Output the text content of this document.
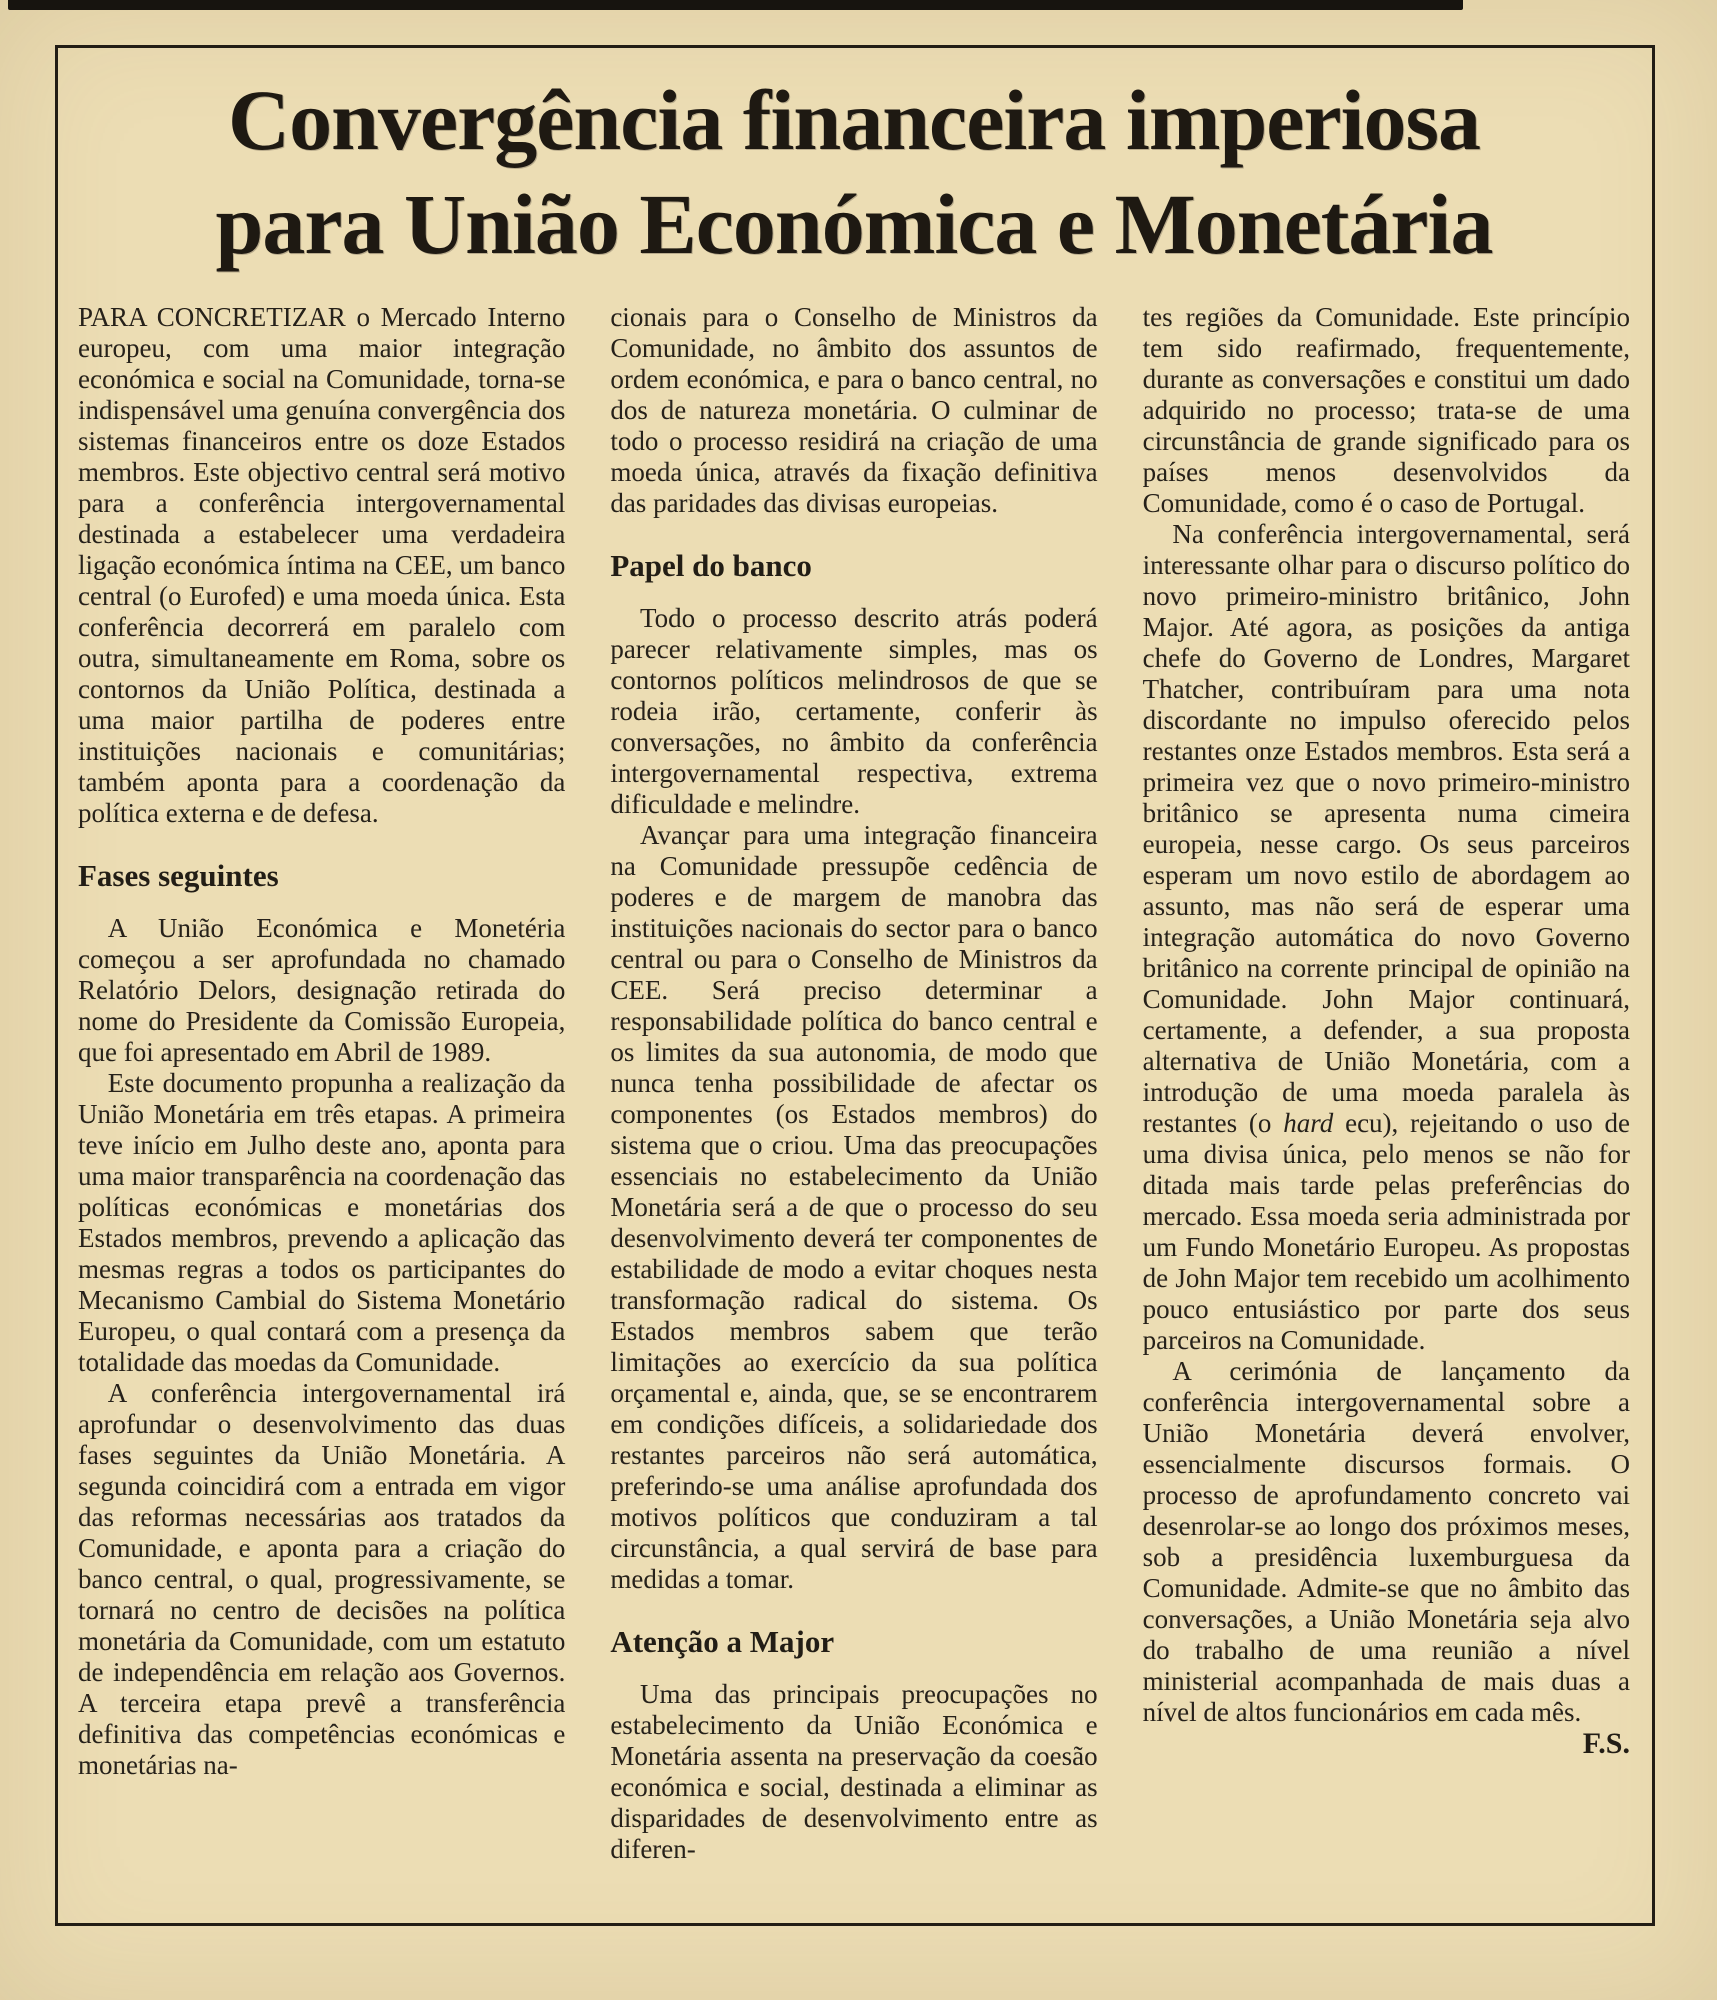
Convergência financeira imperiosa
para União Económica e Monetária

PARA CONCRETIZAR o Mercado Interno europeu, com uma maior integração económica e social na Comunidade, torna-se indispensável uma genuína convergência dos sistemas financeiros entre os doze Estados membros. Este objectivo central será motivo para a conferência intergovernamental destinada a estabelecer uma verdadeira ligação económica íntima na CEE, um banco central (o Eurofed) e uma moeda única. Esta conferência decorrerá em paralelo com outra, simultaneamente em Roma, sobre os contornos da União Política, destinada a uma maior partilha de poderes entre instituições nacionais e comunitárias; também aponta para a coordenação da política externa e de defesa.

Fases seguintes

A União Económica e Monetéria começou a ser aprofundada no chamado Relatório Delors, designação retirada do nome do Presidente da Comissão Europeia, que foi apresentado em Abril de 1989.

Este documento propunha a realização da União Monetária em três etapas. A primeira teve início em Julho deste ano, aponta para uma maior transparência na coordenação das políticas económicas e monetárias dos Estados membros, prevendo a aplicação das mesmas regras a todos os participantes do Mecanismo Cambial do Sistema Monetário Europeu, o qual contará com a presença da totalidade das moedas da Comunidade.

A conferência intergovernamental irá aprofundar o desenvolvimento das duas fases seguintes da União Monetária. A segunda coincidirá com a entrada em vigor das reformas necessárias aos tratados da Comunidade, e aponta para a criação do banco central, o qual, progressivamente, se tornará no centro de decisões na política monetária da Comunidade, com um estatuto de independência em relação aos Governos. A terceira etapa prevê a transferência definitiva das competências económicas e monetárias na-

cionais para o Conselho de Ministros da Comunidade, no âmbito dos assuntos de ordem económica, e para o banco central, no dos de natureza monetária. O culminar de todo o processo residirá na criação de uma moeda única, através da fixação definitiva das paridades das divisas europeias.

Papel do banco

Todo o processo descrito atrás poderá parecer relativamente simples, mas os contornos políticos melindrosos de que se rodeia irão, certamente, conferir às conversações, no âmbito da conferência intergovernamental respectiva, extrema dificuldade e melindre.

Avançar para uma integração financeira na Comunidade pressupõe cedência de poderes e de margem de manobra das instituições nacionais do sector para o banco central ou para o Conselho de Ministros da CEE. Será preciso determinar a responsabilidade política do banco central e os limites da sua autonomia, de modo que nunca tenha possibilidade de afectar os componentes (os Estados membros) do sistema que o criou. Uma das preocupações essenciais no estabelecimento da União Monetária será a de que o processo do seu desenvolvimento deverá ter componentes de estabilidade de modo a evitar choques nesta transformação radical do sistema. Os Estados membros sabem que terão limitações ao exercício da sua política orçamental e, ainda, que, se se encontrarem em condições difíceis, a solidariedade dos restantes parceiros não será automática, preferindo-se uma análise aprofundada dos motivos políticos que conduziram a tal circunstância, a qual servirá de base para medidas a tomar.

Atenção a Major

Uma das principais preocupações no estabelecimento da União Económica e Monetária assenta na preservação da coesão económica e social, destinada a eliminar as disparidades de desenvolvimento entre as diferen-

tes regiões da Comunidade. Este princípio tem sido reafirmado, frequentemente, durante as conversações e constitui um dado adquirido no processo; trata-se de uma circunstância de grande significado para os países menos desenvolvidos da Comunidade, como é o caso de Portugal.

Na conferência intergovernamental, será interessante olhar para o discurso político do novo primeiro-ministro britânico, John Major. Até agora, as posições da antiga chefe do Governo de Londres, Margaret Thatcher, contribuíram para uma nota discordante no impulso oferecido pelos restantes onze Estados membros. Esta será a primeira vez que o novo primeiro-ministro britânico se apresenta numa cimeira europeia, nesse cargo. Os seus parceiros esperam um novo estilo de abordagem ao assunto, mas não será de esperar uma integração automática do novo Governo britânico na corrente principal de opinião na Comunidade. John Major continuará, certamente, a defender, a sua proposta alternativa de União Monetária, com a introdução de uma moeda paralela às restantes (o hard ecu), rejeitando o uso de uma divisa única, pelo menos se não for ditada mais tarde pelas preferências do mercado. Essa moeda seria administrada por um Fundo Monetário Europeu. As propostas de John Major tem recebido um acolhimento pouco entusiástico por parte dos seus parceiros na Comunidade.

A cerimónia de lançamento da conferência intergovernamental sobre a União Monetária deverá envolver, essencialmente discursos formais. O processo de aprofundamento concreto vai desenrolar-se ao longo dos próximos meses, sob a presidência luxemburguesa da Comunidade. Admite-se que no âmbito das conversações, a União Monetária seja alvo do trabalho de uma reunião a nível ministerial acompanhada de mais duas a nível de altos funcionários em cada mês.

F.S.
